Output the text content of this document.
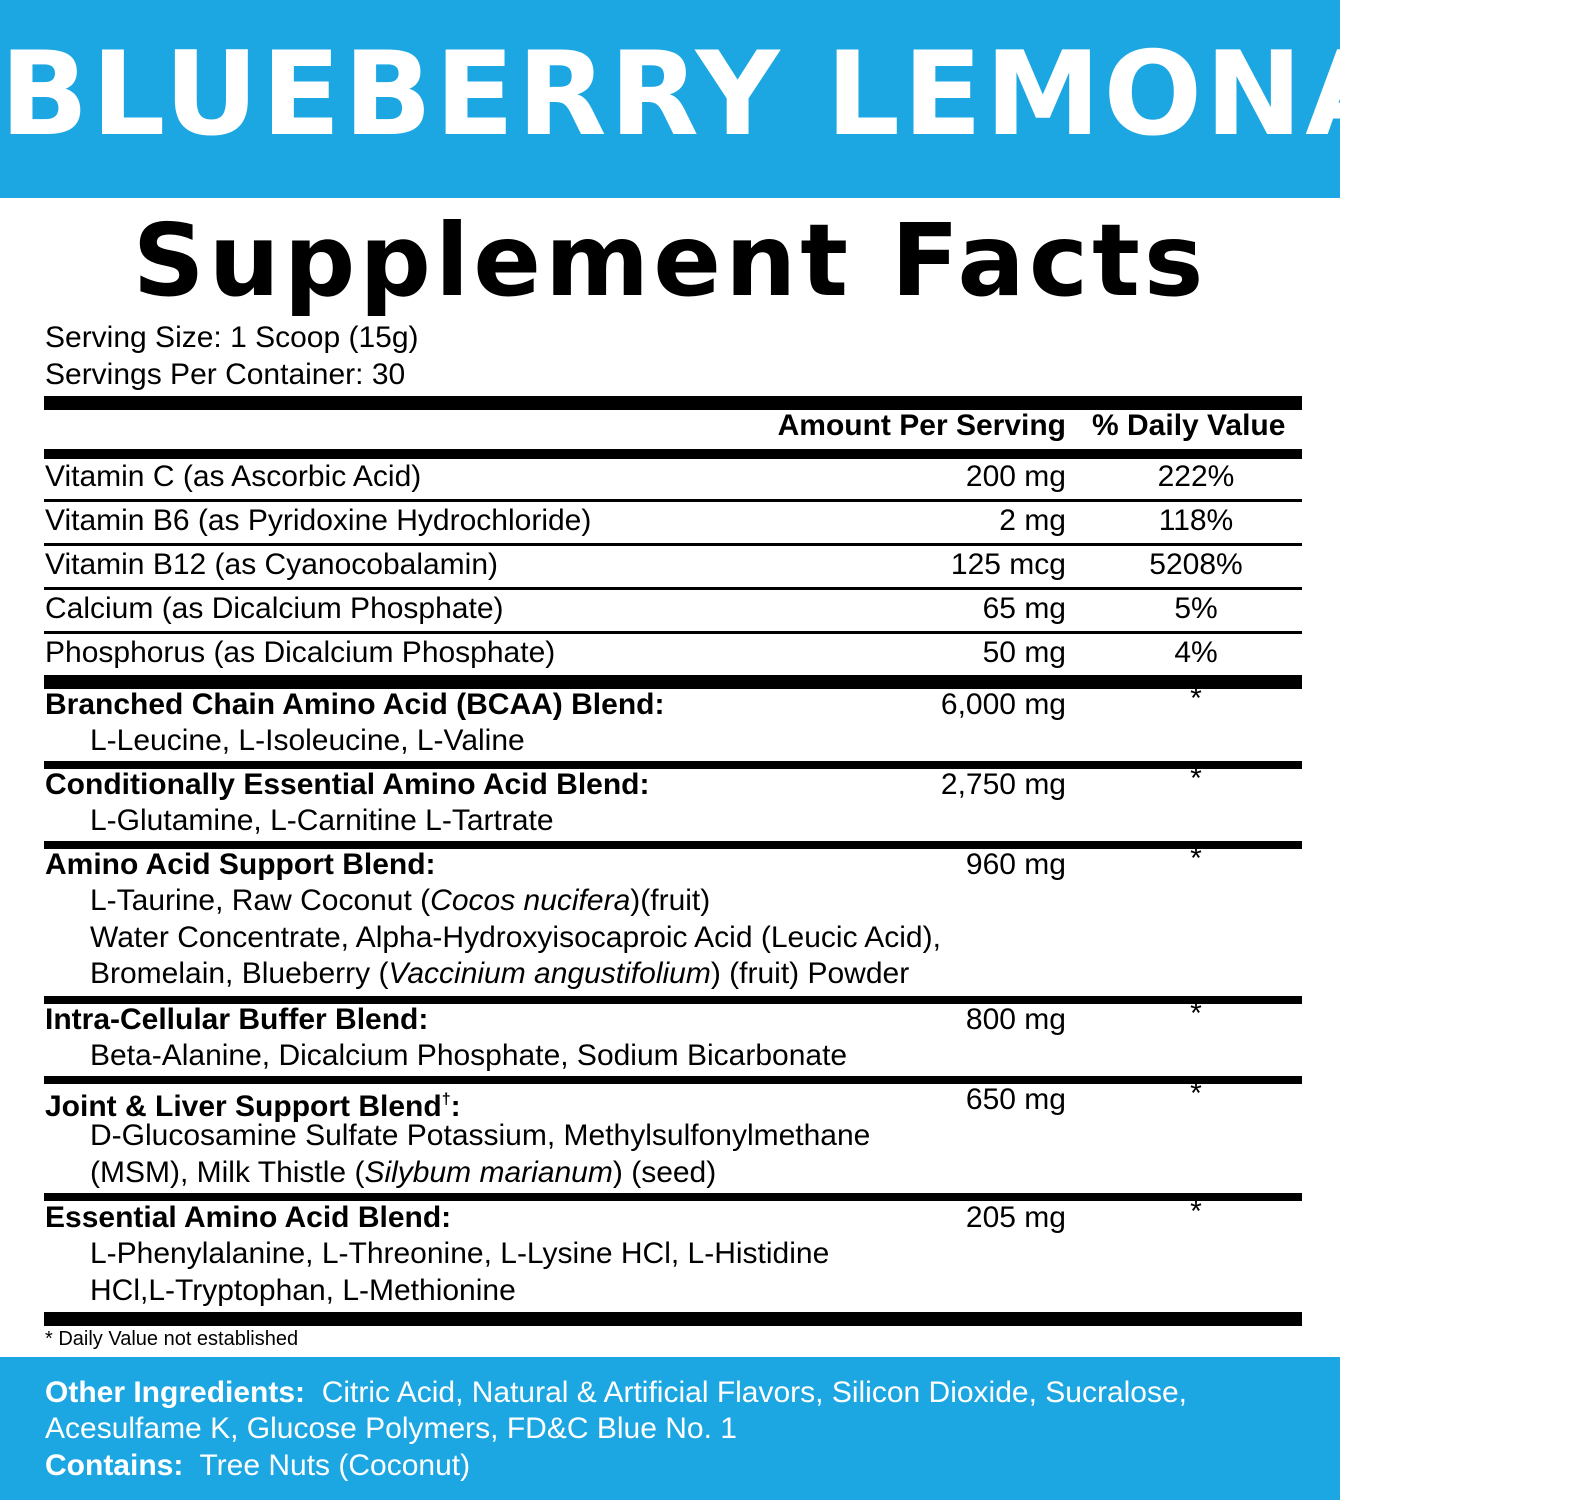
BLUEBERRY LEMONADE
Supplement Facts
Serving Size: 1 Scoop (15g)
Servings Per Container: 30
Amount Per Serving % Daily Value
Vitamin C (as Ascorbic Acid)	200 mg	222%
Vitamin B6 (as Pyridoxine Hydrochloride)	2 mg	118%
Vitamin B12 (as Cyanocobalamin)	125 mcg	5208%
Calcium (as Dicalcium Phosphate)	65 mg	5%
Phosphorus (as Dicalcium Phosphate)	50 mg	4%
Branched Chain Amino Acid (BCAA) Blend:	6,000 mg	*
L-Leucine, L-Isoleucine, L-Valine
Conditionally Essential Amino Acid Blend:	2,750 mg	*
L-Glutamine, L-Carnitine L-Tartrate
Amino Acid Support Blend:	960 mg	*
L-Taurine, Raw Coconut (Cocos nucifera)(fruit)
Water Concentrate, Alpha-Hydroxyisocaproic Acid (Leucic Acid),
Bromelain, Blueberry (Vaccinium angustifolium) (fruit) Powder
Intra-Cellular Buffer Blend:	800 mg	*
Beta-Alanine, Dicalcium Phosphate, Sodium Bicarbonate
Joint & Liver Support Blend†:	650 mg	*
D-Glucosamine Sulfate Potassium, Methylsulfonylmethane
(MSM), Milk Thistle (Silybum marianum) (seed)
Essential Amino Acid Blend:	205 mg	*
L-Phenylalanine, L-Threonine, L-Lysine HCl, L-Histidine
HCl,L-Tryptophan, L-Methionine
* Daily Value not established
Other Ingredients: Citric Acid, Natural & Artificial Flavors, Silicon Dioxide, Sucralose,
Acesulfame K, Glucose Polymers, FD&C Blue No. 1
Contains: Tree Nuts (Coconut)
